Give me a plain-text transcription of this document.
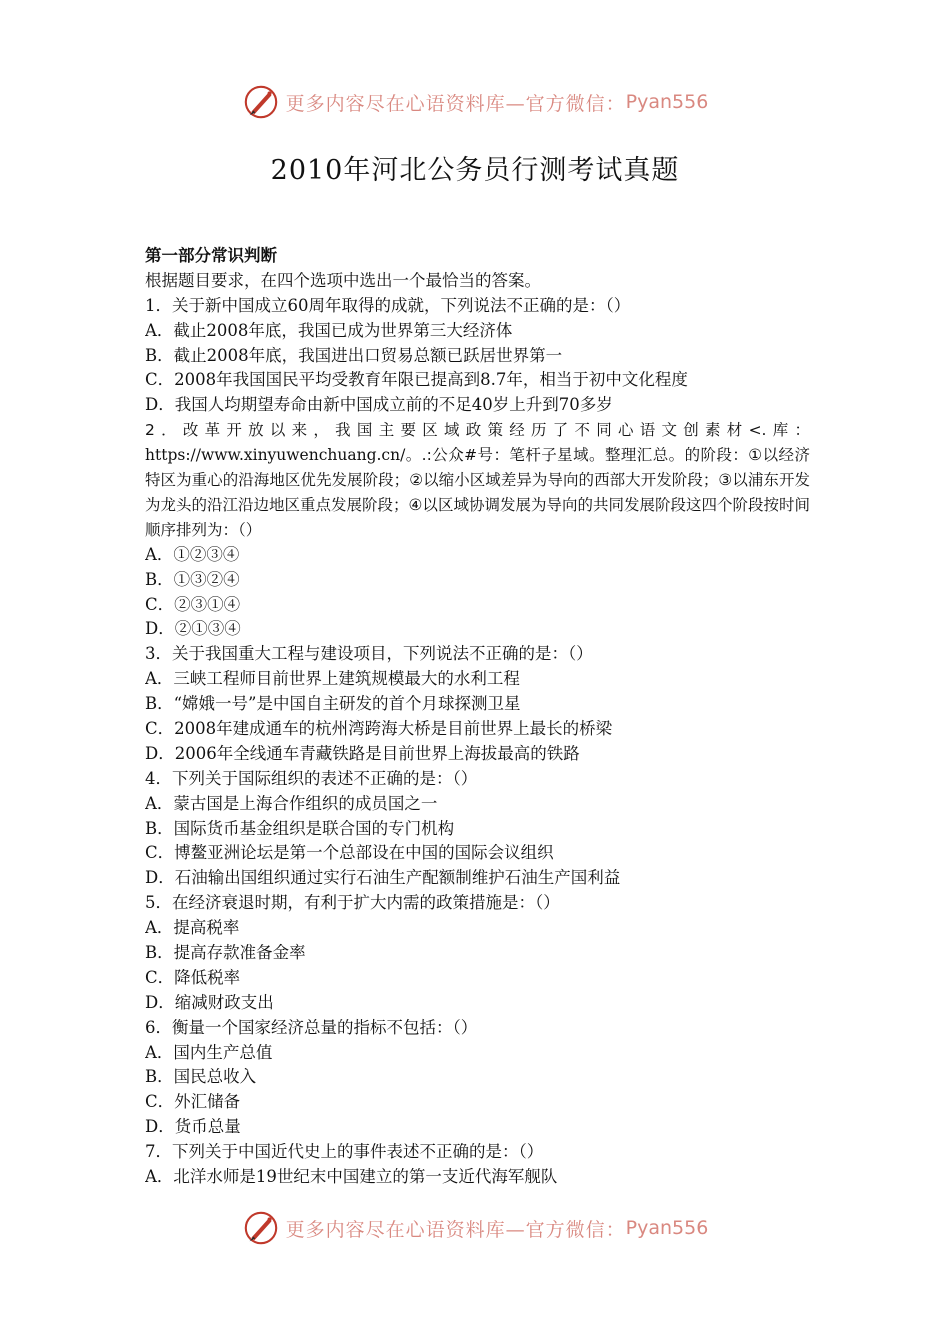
更多内容尽在心语资料库—官方微信： Pyan556
2010年河北公务员行测考试真题
第一部分常识判断
根据题目要求，在四个选项中选出一个最恰当的答案。
1．关于新中国成立60周年取得的成就，下列说法不正确的是：（）
A．截止2008年底，我国已成为世界第三大经济体
B．截止2008年底，我国进出口贸易总额已跃居世界第一
C．2008年我国国民平均受教育年限已提高到8.7年，相当于初中文化程度
D．我国人均期望寿命由新中国成立前的不足40岁上升到70多岁
2．改革开放以来，我国主要区域政策经历了不同心语文创素材<.库：https://www.xinyuwenchuang.cn/。.:公众#号：笔杆子星域。整理汇总。的阶段：①以经济特区为重心的沿海地区优先发展阶段；②以缩小区域差异为导向的西部大开发阶段；③以浦东开发为龙头的沿江沿边地区重点发展阶段；④以区域协调发展为导向的共同发展阶段这四个阶段按时间顺序排列为：（）
A．①②③④
B．①③②④
C．②③①④
D．②①③④
3．关于我国重大工程与建设项目，下列说法不正确的是：（）
A．三峡工程师目前世界上建筑规模最大的水利工程
B．“嫦娥一号”是中国自主研发的首个月球探测卫星
C．2008年建成通车的杭州湾跨海大桥是目前世界上最长的桥梁
D．2006年全线通车青藏铁路是目前世界上海拔最高的铁路
4．下列关于国际组织的表述不正确的是：（）
A．蒙古国是上海合作组织的成员国之一
B．国际货币基金组织是联合国的专门机构
C．博鳌亚洲论坛是第一个总部设在中国的国际会议组织
D．石油输出国组织通过实行石油生产配额制维护石油生产国利益
5．在经济衰退时期，有利于扩大内需的政策措施是：（）
A．提高税率
B．提高存款准备金率
C．降低税率
D．缩减财政支出
6．衡量一个国家经济总量的指标不包括：（）
A．国内生产总值
B．国民总收入
C．外汇储备
D．货币总量
7．下列关于中国近代史上的事件表述不正确的是：（）
A．北洋水师是19世纪末中国建立的第一支近代海军舰队
更多内容尽在心语资料库—官方微信： Pyan556
